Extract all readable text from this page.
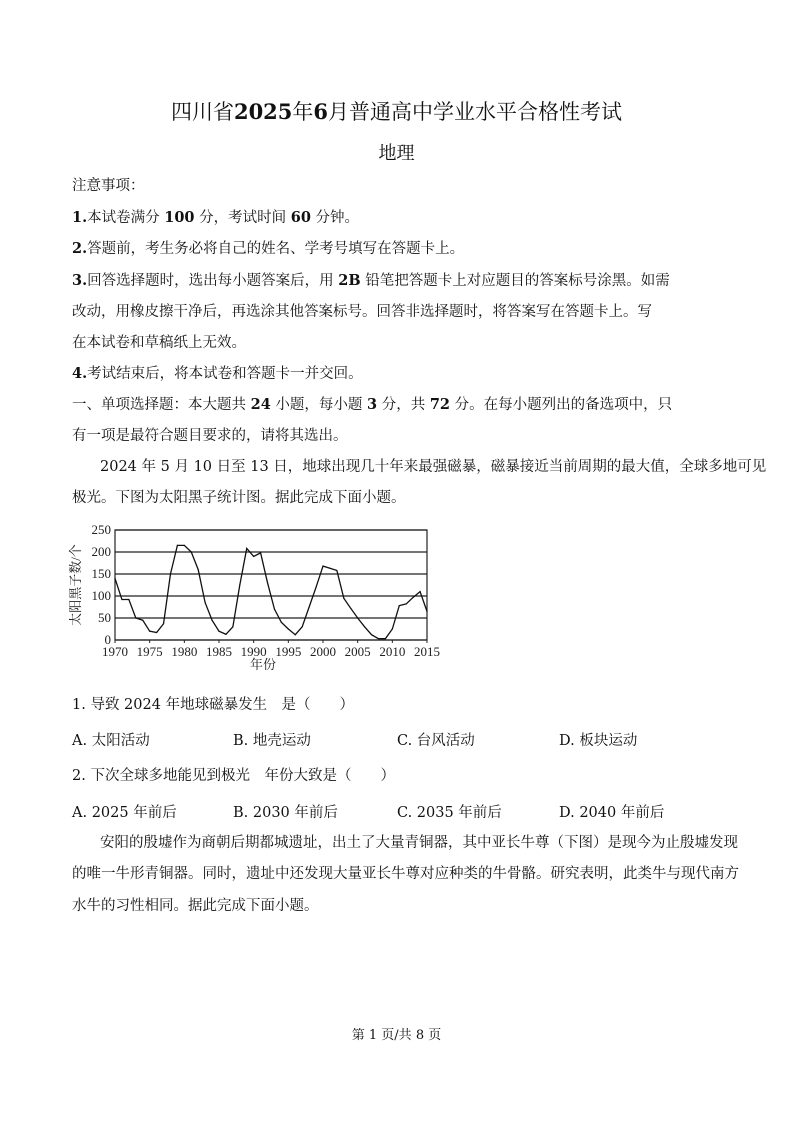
四川省2025年6月普通高中学业水平合格性考试
地理
注意事项：
1.本试卷满分 100 分，考试时间 60 分钟。
2.答题前，考生务必将自己的姓名、学考号填写在答题卡上。
3.回答选择题时，选出每小题答案后，用 2B 铅笔把答题卡上对应题目的答案标号涂黑。如需
改动，用橡皮擦干净后，再选涂其他答案标号。回答非选择题时，将答案写在答题卡上。写
在本试卷和草稿纸上无效。
4.考试结束后，将本试卷和答题卡一并交回。
一、单项选择题：本大题共 24 小题，每小题 3 分，共 72 分。在每小题列出的备选项中，只
有一项是最符合题目要求的，请将其选出。
2024 年 5 月 10 日至 13 日，地球出现几十年来最强磁暴，磁暴接近当前周期的最大值，全球多地可见
极光。下图为太阳黑子统计图。据此完成下面小题。
0
50
100
150
200
250
1970 1975 1980 1985 1990 1995 2000 2005 2010 2015
年份
太阳黑子数/个
1. 导致 2024 年地球磁暴发生　是（　　）
A. 太阳活动	B. 地壳运动	C. 台风活动	D. 板块运动
2. 下次全球多地能见到极光　年份大致是（　　）
A. 2025 年前后	B. 2030 年前后	C. 2035 年前后	D. 2040 年前后
安阳的殷墟作为商朝后期都城遗址，出土了大量青铜器，其中亚长牛尊（下图）是现今为止殷墟发现
的唯一牛形青铜器。同时，遗址中还发现大量亚长牛尊对应种类的牛骨骼。研究表明，此类牛与现代南方
水牛的习性相同。据此完成下面小题。
第 1 页/共 8 页
